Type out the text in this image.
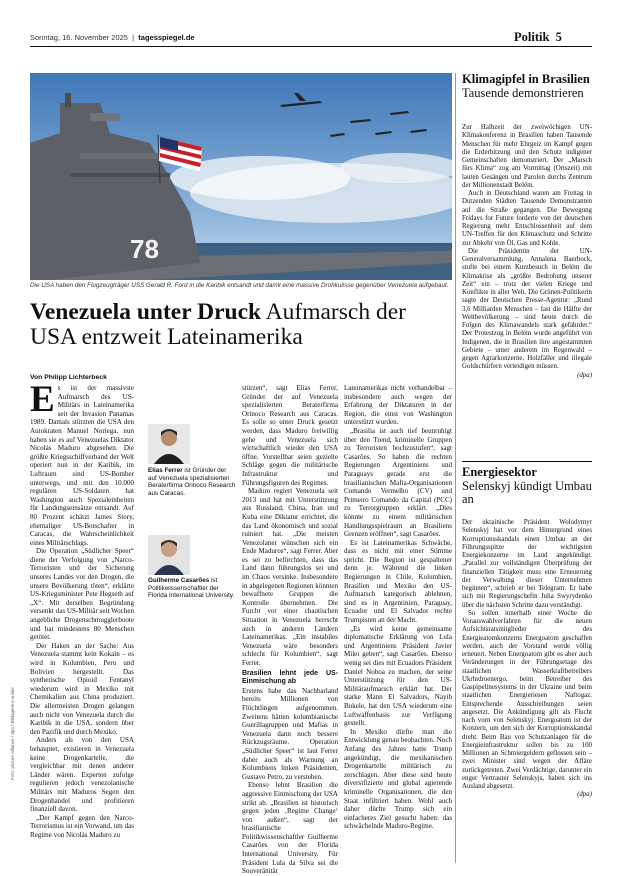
Sonntag, 16. November 2025  |  tagesspiegel.de	Politik 5
78
Die USA haben den Flugzeugträger USS Gerald R. Ford in die Karibik entsandt und damit eine massive Drohkulisse gegenüber Venezuela aufgebaut.
Foto: picture alliance / dpa / Bildagentur-online
Venezuela unter Druck Aufmarsch der USA entzweit Lateinamerika
Von Philipp Lichterbeck

Es ist der massivste Aufmarsch des US-Militärs in Lateinamerika seit der Invasion Panamas 1989. Damals stürzten die USA den Autokraten Manuel Noriega, nun haben sie es auf Venezuelas Diktator Nicolás Maduro abgesehen. Die größte Kriegsschiffverband der Welt operiert nun in der Karibik, im Luftraum sind US-Bomber unterwegs, und mit den 10.000 regulären US-Soldaten hat Washington auch Spezialeinheiten für Landungseinsätze entsandt. Auf 80 Prozent schätzt James Story, ehemaliger US-Botschafter in Caracas, die Wahrscheinlichkeit eines Militärschlags.

Die Operation „Südlicher Speer“ diene der Verfolgung von „Narco-Terroristen und der Sicherung unseres Landes vor den Drogen, die unsere Bevölkerung töten“, erklärte US-Kriegsminister Pete Hegseth auf „X“. Mit derselben Begründung versenkt das US-Militär seit Wochen angebliche Drogenschmugglerboote und hat mindestens 80 Menschen getötet.

Der Haken an der Sache: Aus Venezuela stammt kein Kokain – es wird in Kolumbien, Peru und Bolivien hergestellt. Das synthetische Opioid Fentanyl wiederum wird in Mexiko mit Chemikalien aus China produziert. Die allermeisten Drogen gelangen auch nicht von Venezuela durch die Karibik in die USA, sondern über den Pazifik und durch Mexiko.

Anders als von den USA behauptet, existieren in Venezuela keine Drogenkartelle, die vergleichbar mit denen anderer Länder wären. Experten zufolge regulieren jedoch venezolanische Militärs mit Maduros Segen den Drogenhandel und profitieren finanziell davon.

„Der Kampf gegen den Narco-Terrorismus ist ein Vorwand, um das Regime von Nicolás Maduro zu

Elias Ferrer ist Gründer der auf Venezuela spezialisierten Beraterfirma Orinoco Research aus Caracas.
Guilherme Casarões ist Politikwissenschaftler der Florida International University.

stürzen“, sagt Elias Ferrer, Gründer der auf Venezuela spezialisierten Beraterfirma Orinoco Research aus Caracas. Es solle so unter Druck gesetzt werden, dass Maduro freiwillig gehe und Venezuela sich wirtschaftlich wieder den USA öffne. Vorstellbar seien gezielte Schläge gegen die militärische Infrastruktur und Führungsfiguren des Regimes.

Maduro regiert Venezuela seit 2013 und hat mit Unterstützung aus Russland, China, Iran und Kuba eine Diktatur errichtet, die das Land ökonomisch und sozial ruiniert hat. „Die meisten Venezolaner wünschen sich ein Ende Maduros“, sagt Ferrer. Aber es sei zu befürchten, dass das Land dann führungslos sei und im Chaos versinke. Insbesondere in abgelegenen Regionen könnten bewaffnete Gruppen die Kontrolle übernehmen. Die Furcht vor einer chaotischen Situation in Venezuela herrscht auch in anderen Ländern Lateinamerikas. „Ein instabiles Venezuela wäre besonders schlecht für Kolumbien“, sagt Ferrer.

Brasilien lehnt jede US-Einmischung ab

Erstens habe das Nachbarland bereits Millionen von Flüchtlingen aufgenommen. Zweitens hätten kolumbianische Guerillagruppen und Mafias in Venezuela dann noch bessere Rückzugsräume. Operation „Südlicher Speer“ ist laut Ferrer daher auch als Warnung an Kolumbiens linken Präsidenten, Gustavo Petro, zu verstehen.

Ebenso lehnt Brasilien die aggressive Einmischung der USA strikt ab. „Brasilien ist historisch gegen jeden ‚Regime Change‘ von außen“, sagt der brasilianische Politikwissenschaftler Guilherme Casarões von der Florida International University. Für Präsident Lula da Silva sei die Souveränität

Lateinamerikas nicht verhandelbar – insbesondere auch wegen der Erfahrung der Diktaturen in der Region, die einst von Washington unterstützt wurden.

„Brasilia ist auch tief beunruhigt über den Trend, kriminelle Gruppen zu Terroristen hochzustufen“, sagt Casarões. So haben die rechten Regierungen Argentiniens und Paraguays gerade erst die brasilianischen Mafia-Organisationen Comando Vermelho (CV) und Primeiro Comando da Capital (PCC) zu Terrorgruppen erklärt. „Dies könnte zu einem militärischen Handlungsspielraum an Brasiliens Grenzen eröffnen“, sagt Casarões.

Es ist Lateinamerikas Schwäche, dass es nicht mit einer Stimme spricht. Die Region ist gespaltener denn je. Während die linken Regierungen in Chile, Kolumbien, Brasilien und Mexiko den US-Aufmarsch kategorisch ablehnen, sind es in Argentinien, Paraguay, Ecuador und El Salvador rechte Trumpisten an der Macht.

„Es wird keine gemeinsame diplomatische Erklärung von Lula und Argentiniens Präsident Javier Milei geben“, sagt Casarões. Ebenso wenig sei dies mit Ecuadors Präsident Daniel Noboa zu machen, der seine Unterstützung für den US-Militäraufmarsch erklärt hat. Der starke Mann El Salvadors, Nayib Bukele, hat den USA wiederum eine Luftwaffenbasis zur Verfügung gestellt.

In Mexiko dürfte man die Entwicklung genau beobachten. Noch Anfang des Jahres hatte Trump angekündigt, die mexikanischen Drogenkartelle militärisch zu zerschlagen. Aber diese sind heute diversifizierte und global agierende kriminelle Organisationen, die den Staat infiltriert haben. Wohl auch daher dürfte Trump sich ein einfacheres Ziel gesucht haben: das schwächelnde Maduro-Regime.

Klimagipfel in Brasilien Tausende demonstrieren

Zur Halbzeit der zweiwöchigen UN-Klimakonferenz in Brasilien haben Tausende Menschen für mehr Ehrgeiz im Kampf gegen die Erderhitzung und den Schutz indigener Gemeinschaften demonstriert. Der „Marsch fürs Klima“ zog am Vormittag (Ortszeit) mit lauten Gesängen und Parolen durchs Zentrum der Millionenstadt Belém.

Auch in Deutschland waren am Freitag in Dutzenden Städten Tausende Demonstranten auf die Straße gegangen. Die Bewegung Fridays for Future forderte von der deutschen Regierung mehr Entschlossenheit auf dem UN-Treffen für den Klimaschutz und Schritte zur Abkehr von Öl, Gas und Kohle.

Die Präsidentin der UN-Generalversammlung, Annalena Baerbock, stufte bei einem Kurzbesuch in Belém die Klimakrise als „größte Bedrohung unserer Zeit“ ein – trotz der vielen Kriege und Konflikte in aller Welt. Die Grünen-Politikerin sagte der Deutschen Presse-Agentur: „Rund 3,6 Milliarden Menschen – fast die Hälfte der Weltbevölkerung – sind heute durch die Folgen des Klimawandels stark gefährdet.“ Der Protestzug in Belém wurde angeführt von Indigenen, die in Brasilien ihre angestammten Gebiete – unter anderem im Regenwald – gegen Agrarkonzerne, Holzfäller und illegale Goldschürfern verteidigen müssen.

(dpa)

Energiesektor
Selenskyj kündigt Umbau an

Der ukrainische Präsident Wolodymyr Selenskyj hat vor dem Hintergrund eines Korruptionsskandals einen Umbau an der Führungsspitze der wichtigsten Energiekonzerne im Land angekündigt. „Parallel zur vollständigen Überprüfung der finanziellen Tätigkeit muss eine Erneuerung der Verwaltung dieser Unternehmen beginnen“, schrieb er bei Telegram. Er habe sich mit Regierungschefin Julia Swyrydenko über die nächsten Schritte dazu verständigt.

So sollen innerhalb einer Woche die Vorauswahlverfahren für die neuen Aufsichtsratsmitglieder des Energieatomkonzerns Energoatom geschaffen werden, auch der Vorstand werde völlig erneuert. Neben Energoatom gibt es aber auch Veränderungen in der Führungsetage des staatlichen Wasserkraftbetreibers Ukrhidroenergo, beim Betreiber des Gaspipelinesystems in der Ukraine und beim staatlichen Energieriesen Naftogaz. Entsprechende Ausschreibungen seien angesetzt. Die Ankündigung gilt als Flucht nach vorn von Selenskyj. Energoatom ist der Konzern, um den sich der Korruptionsskandal dreht. Beim Bau von Schutzanlagen für die Energieinfrastruktur sollen bis zu 100 Millionen an Schmiergeldern geflossen sein – zwei Minister sind wegen der Affäre zurückgetreten. Zwei Verdächtige, darunter ein enger Vertrauter Selenskyjs, haben sich ins Ausland abgesetzt.

(dpa)
